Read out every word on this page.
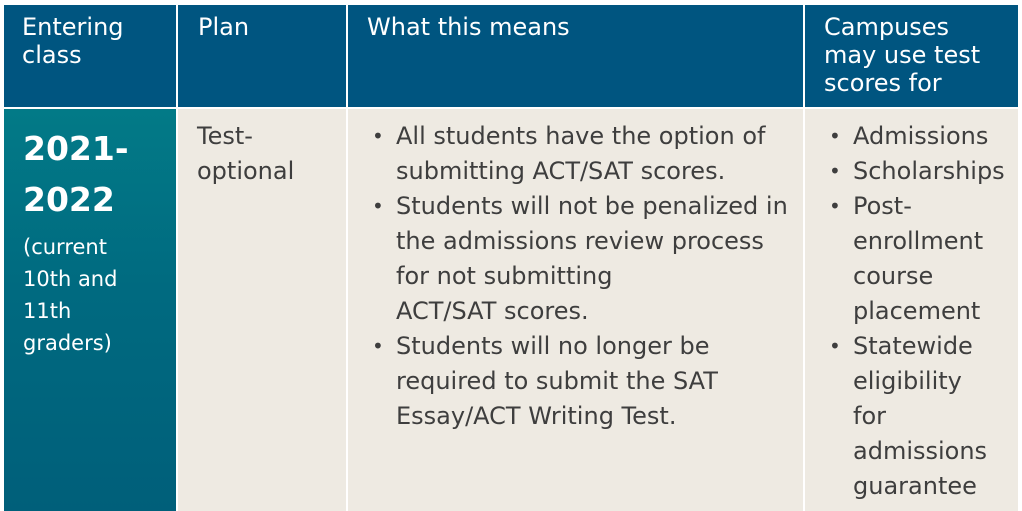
Entering
class
Plan	What this means	Campuses
may use test
scores for
2021-
2022
(current
10th and
11th
graders)
Test-
optional
• All students have the option of
submitting ACT/SAT scores.
• Students will not be penalized in
the admissions review process
for not submitting
ACT/SAT scores.
• Students will no longer be
required to submit the SAT
Essay/ACT Writing Test.
• Admissions
• Scholarships
• Post-
enrollment
course
placement
• Statewide
eligibility
for
admissions
guarantee
